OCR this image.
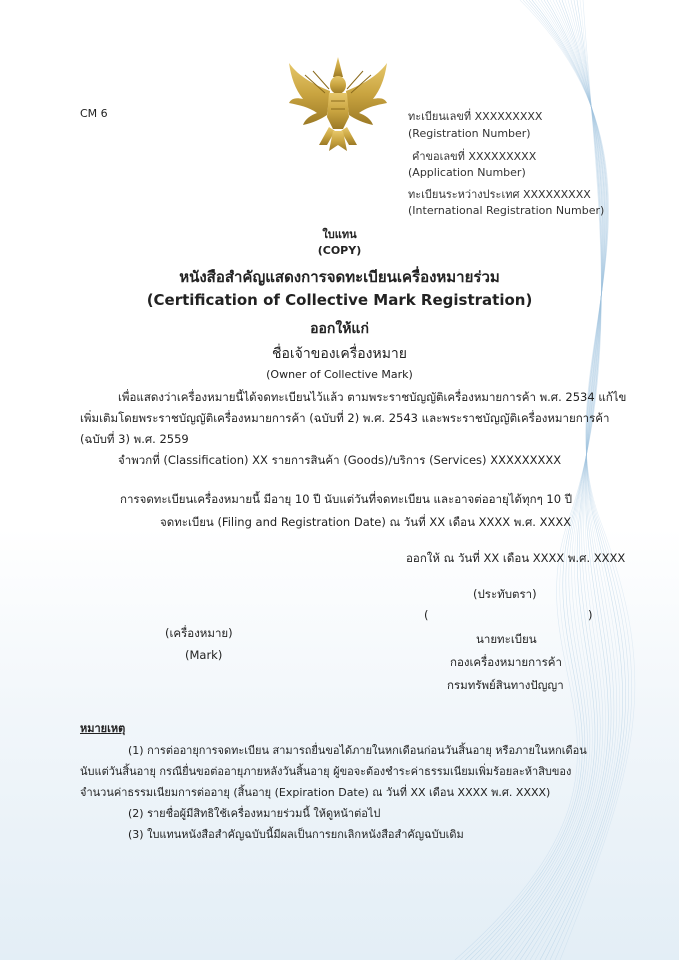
CM 6	ทะเบียนเลขที่ XXXXXXXXX
(Registration Number)
คำขอเลขที่ XXXXXXXXX
(Application Number)
ทะเบียนระหว่างประเทศ XXXXXXXXX
(International Registration Number)
ใบแทน
(COPY)
หนังสือสำคัญแสดงการจดทะเบียนเครื่องหมายร่วม
(Certification of Collective Mark Registration)
ออกให้แก่
ชื่อเจ้าของเครื่องหมาย
(Owner of Collective Mark)
เพื่อแสดงว่าเครื่องหมายนี้ได้จดทะเบียนไว้แล้ว ตามพระราชบัญญัติเครื่องหมายการค้า พ.ศ. 2534 แก้ไข
เพิ่มเติมโดยพระราชบัญญัติเครื่องหมายการค้า (ฉบับที่ 2) พ.ศ. 2543 และพระราชบัญญัติเครื่องหมายการค้า
(ฉบับที่ 3) พ.ศ. 2559
จำพวกที่ (Classification) XX รายการสินค้า (Goods)/บริการ (Services) XXXXXXXXX
การจดทะเบียนเครื่องหมายนี้ มีอายุ 10 ปี นับแต่วันที่จดทะเบียน และอาจต่ออายุได้ทุกๆ 10 ปี
จดทะเบียน (Filing and Registration Date) ณ วันที่ XX เดือน XXXX พ.ศ. XXXX
ออกให้ ณ วันที่ XX เดือน XXXX พ.ศ. XXXX
(ประทับตรา)
(	)
นายทะเบียน
กองเครื่องหมายการค้า
กรมทรัพย์สินทางปัญญา
(เครื่องหมาย)
(Mark)
หมายเหตุ
(1) การต่ออายุการจดทะเบียน สามารถยื่นขอได้ภายในหกเดือนก่อนวันสิ้นอายุ หรือภายในหกเดือน
นับแต่วันสิ้นอายุ กรณียื่นขอต่ออายุภายหลังวันสิ้นอายุ ผู้ขอจะต้องชำระค่าธรรมเนียมเพิ่มร้อยละห้าสิบของ
จำนวนค่าธรรมเนียมการต่ออายุ (สิ้นอายุ (Expiration Date) ณ วันที่ XX เดือน XXXX พ.ศ. XXXX)
(2) รายชื่อผู้มีสิทธิใช้เครื่องหมายร่วมนี้ ให้ดูหน้าต่อไป
(3) ใบแทนหนังสือสำคัญฉบับนี้มีผลเป็นการยกเลิกหนังสือสำคัญฉบับเดิม
